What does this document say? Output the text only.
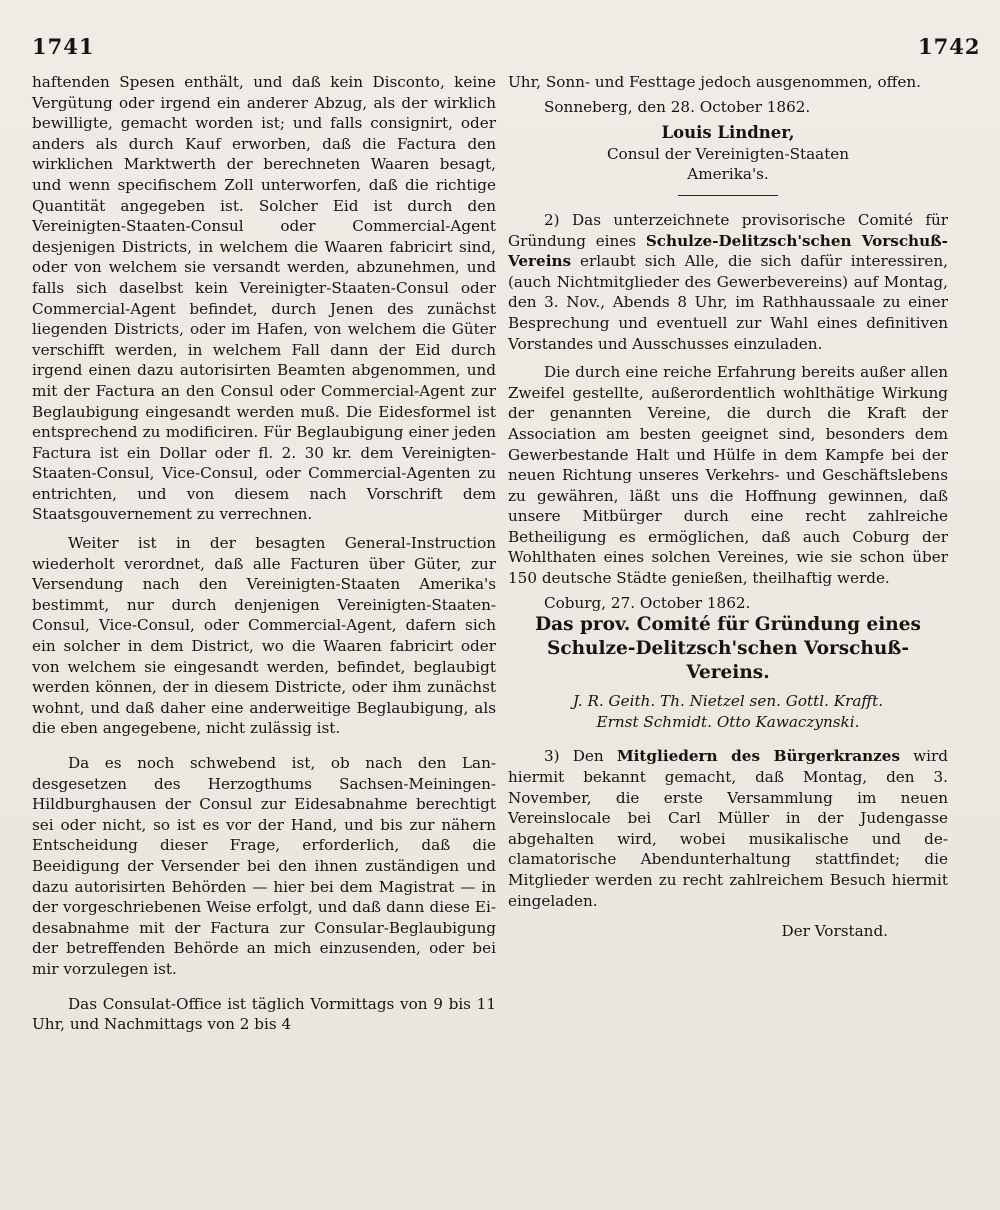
1741	1742

haftenden Spesen enthält, und daß kein Disconto, keine Vergütung oder irgend ein anderer Abzug, als der wirklich bewilligte, gemacht worden ist; und falls consignirt, oder anders als durch Kauf erworben, daß die Factura den wirklichen Marktwerth der berechneten Waaren besagt, und wenn specifischem Zoll unterworfen, daß die richtige Quantität angegeben ist. Solcher Eid ist durch den Vereinigten-Staaten-Consul oder Commercial-Agent desjenigen Districts, in welchem die Waaren fabricirt sind, oder von welchem sie versandt werden, abzunehmen, und falls sich daselbst kein Vereinigter-Staaten-Consul oder Commercial-Agent befindet, durch Jenen des zunächst liegenden Districts, oder im Hafen, von welchem die Güter verschifft werden, in welchem Fall dann der Eid durch irgend einen dazu autorisirten Beamten abgenommen, und mit der Factura an den Consul oder Commercial-Agent zur Beglaubigung eingesandt werden muß. Die Eidesformel ist entsprechend zu modificiren. Für Beglaubigung einer jeden Factura ist ein Dollar oder fl. 2. 30 kr. dem Vereinigten-Staaten-Consul, Vice-Consul, oder Commercial-Agenten zu entrichten, und von diesem nach Vorschrift dem Staatsgouvernement zu verrechnen.

Weiter ist in der besagten General-Instruction wiederholt verordnet, daß alle Facturen über Güter, zur Versendung nach den Vereinigten-Staaten Amerika's bestimmt, nur durch denjenigen Vereinigten-Staaten-Consul, Vice-Consul, oder Commercial-Agent, dafern sich ein solcher in dem District, wo die Waaren fabricirt oder von welchem sie eingesandt werden, befindet, beglaubigt werden können, der in diesem Districte, oder ihm zunächst wohnt, und daß daher eine anderweitige Beglaubigung, als die eben angegebene, nicht zulässig ist.

Da es noch schwebend ist, ob nach den Landesgesetzen des Herzogthums Sachsen-Meiningen-Hildburghausen der Consul zur Eidesabnahme berechtigt sei oder nicht, so ist es vor der Hand, und bis zur nähern Entscheidung dieser Frage, erforderlich, daß die Beeidigung der Versender bei den ihnen zuständigen und dazu autorisirten Behörden — hier bei dem Magistrat — in der vorgeschriebenen Weise erfolgt, und daß dann diese Eidesabnahme mit der Factura zur Consular-Beglaubigung der betreffenden Behörde an mich einzusenden, oder bei mir vorzulegen ist.

Das Consulat-Office ist täglich Vormittags von 9 bis 11 Uhr, und Nachmittags von 2 bis 4

Uhr, Sonn- und Festtage jedoch ausgenommen, offen.

Sonneberg, den 28. October 1862.

Louis Lindner,

Consul der Vereinigten-Staaten

Amerika's.

2) Das unterzeichnete provisorische Comité für Gründung eines Schulze-Delitzsch'schen Vorschuß-Vereins erlaubt sich Alle, die sich dafür interessiren, (auch Nichtmitglieder des Gewerbevereins) auf Montag, den 3. Nov., Abends 8 Uhr, im Rathhaussaale zu einer Besprechung und eventuell zur Wahl eines definitiven Vorstandes und Ausschusses einzuladen.

Die durch eine reiche Erfahrung bereits außer allen Zweifel gestellte, außerordentlich wohlthätige Wirkung der genannten Vereine, die durch die Kraft der Association am besten geeignet sind, besonders dem Gewerbestande Halt und Hülfe in dem Kampfe bei der neuen Richtung unseres Verkehrs- und Geschäftslebens zu gewähren, läßt uns die Hoffnung gewinnen, daß unsere Mitbürger durch eine recht zahlreiche Betheiligung es ermöglichen, daß auch Coburg der Wohlthaten eines solchen Vereines, wie sie schon über 150 deutsche Städte genießen, theilhaftig werde.

Coburg, 27. October 1862.

Das prov. Comité für Gründung eines Schulze-Delitzsch'schen Vorschuß-Vereins.

J. R. Geith. Th. Nietzel sen. Gottl. Krafft.

Ernst Schmidt. Otto Kawaczynski.

3) Den Mitgliedern des Bürgerkranzes wird hiermit bekannt gemacht, daß Montag, den 3. November, die erste Versammlung im neuen Vereinslocale bei Carl Müller in der Judengasse abgehalten wird, wobei musikalische und declamatorische Abendunterhaltung stattfindet; die Mitglieder werden zu recht zahlreichem Besuch hiermit eingeladen.

Der Vorstand.
